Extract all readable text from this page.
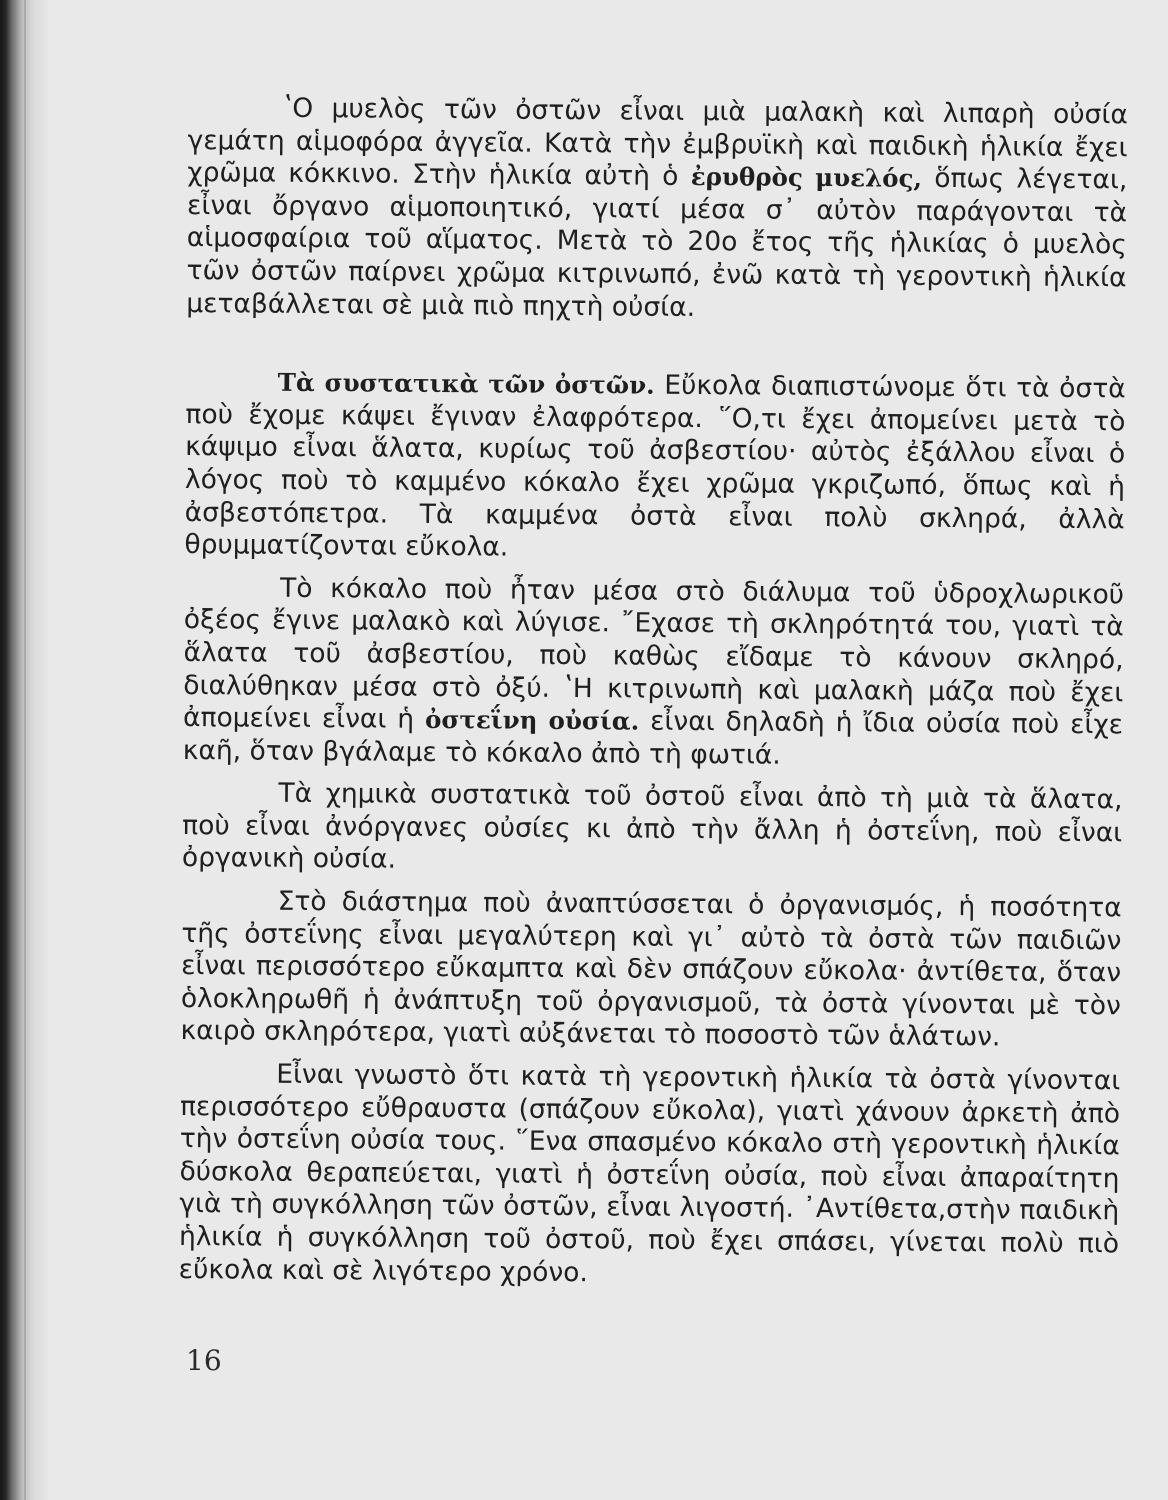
ʽΟ μυελὸς τῶν ὀστῶν εἶναι μιὰ μαλακὴ καὶ λιπαρὴ οὐσία γεμάτη αἱμοφόρα ἀγγεῖα. Κατὰ τὴν ἐμβρυϊκὴ καὶ παιδικὴ ἡλικία ἔχει χρῶμα κόκκινο. Στὴν ἡλικία αὐτὴ ὁ ἐρυθρὸς μυελός, ὅπως λέγεται, εἶναι ὄργανο αἱμοποιητικό, γιατί μέσα σ᾿ αὐτὸν παράγονται τὰ αἱμοσφαίρια τοῦ αἵματος. Μετὰ τὸ 20ο ἔτος τῆς ἡλικίας ὁ μυελὸς τῶν ὀστῶν παίρνει χρῶμα κιτρινωπό, ἐνῶ κατὰ τὴ γεροντικὴ ἡλικία μεταβάλλεται σὲ μιὰ πιὸ πηχτὴ οὐσία.

Τὰ συστατικὰ τῶν ὀστῶν. Εὔκολα διαπιστώνομε ὅτι τὰ ὀστὰ ποὺ ἔχομε κάψει ἔγιναν ἐλαφρότερα. ῞Ο,τι ἔχει ἀπομείνει μετὰ τὸ κάψιμο εἶναι ἅλατα, κυρίως τοῦ ἀσβεστίου· αὐτὸς ἐξάλλου εἶναι ὁ λόγος ποὺ τὸ καμμένο κόκαλο ἔχει χρῶμα γκριζωπό, ὅπως καὶ ἡ ἀσβεστόπετρα. Τὰ καμμένα ὀστὰ εἶναι πολὺ σκληρά, ἀλλὰ θρυμματίζονται εὔκολα.

Τὸ κόκαλο ποὺ ἦταν μέσα στὸ διάλυμα τοῦ ὑδροχλωρικοῦ ὀξέος ἔγινε μαλακὸ καὶ λύγισε. ῎Εχασε τὴ σκληρότητά του, γιατὶ τὰ ἅλατα τοῦ ἀσβεστίου, ποὺ καθὼς εἴδαμε τὸ κάνουν σκληρό, διαλύθηκαν μέσα στὸ ὀξύ. ʽΗ κιτρινωπὴ καὶ μαλακὴ μάζα ποὺ ἔχει ἀπομείνει εἶναι ἡ ὀστεΐνη οὐσία. εἶναι δηλαδὴ ἡ ἴδια οὐσία ποὺ εἶχε καῆ, ὅταν βγάλαμε τὸ κόκαλο ἀπὸ τὴ φωτιά.

Τὰ χημικὰ συστατικὰ τοῦ ὀστοῦ εἶναι ἀπὸ τὴ μιὰ τὰ ἅλατα, ποὺ εἶναι ἀνόργανες οὐσίες κι ἀπὸ τὴν ἄλλη ἡ ὀστεΐνη, ποὺ εἶναι ὀργανικὴ οὐσία.

Στὸ διάστημα ποὺ ἀναπτύσσεται ὁ ὀργανισμός, ἡ ποσότητα τῆς ὀστεΐνης εἶναι μεγαλύτερη καὶ γι᾿ αὐτὸ τὰ ὀστὰ τῶν παιδιῶν εἶναι περισσότερο εὔκαμπτα καὶ δὲν σπάζουν εὔκολα· ἀντίθετα, ὅταν ὁλοκληρωθῆ ἡ ἀνάπτυξη τοῦ ὀργανισμοῦ, τὰ ὀστὰ γίνονται μὲ τὸν καιρὸ σκληρότερα, γιατὶ αὐξάνεται τὸ ποσοστὸ τῶν ἁλάτων.

Εἶναι γνωστὸ ὅτι κατὰ τὴ γεροντικὴ ἡλικία τὰ ὀστὰ γίνονται περισσότερο εὔθραυστα (σπάζουν εὔκολα), γιατὶ χάνουν ἀρκετὴ ἀπὸ τὴν ὀστεΐνη οὐσία τους. ῞Ενα σπασμένο κόκαλο στὴ γεροντικὴ ἡλικία δύσκολα θεραπεύεται, γιατὶ ἡ ὀστεΐνη οὐσία, ποὺ εἶναι ἀπαραίτητη γιὰ τὴ συγκόλληση τῶν ὀστῶν, εἶναι λιγοστή. ᾿Αντίθετα,στὴν παιδικὴ ἡλικία ἡ συγκόλληση τοῦ ὀστοῦ, ποὺ ἔχει σπάσει, γίνεται πολὺ πιὸ εὔκολα καὶ σὲ λιγότερο χρόνο.

16
